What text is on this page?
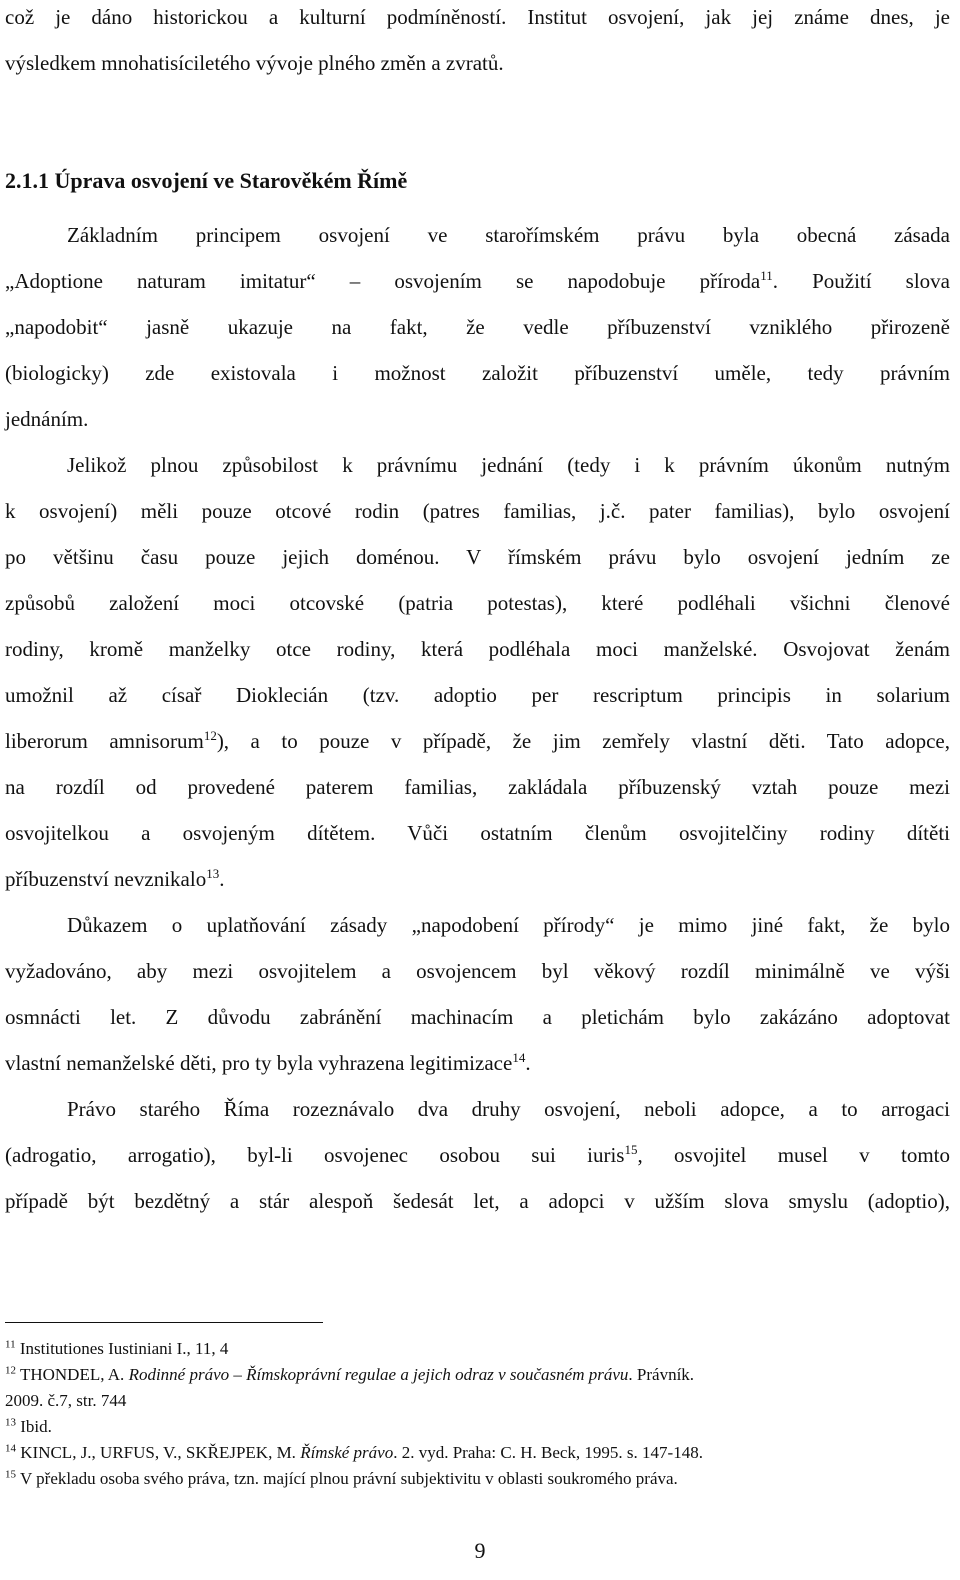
což je dáno historickou a kulturní podmíněností. Institut osvojení, jak jej známe dnes, je
výsledkem mnohatisíciletého vývoje plného změn a zvratů.
2.1.1 Úprava osvojení ve Starověkém Římě
Základním principem osvojení ve starořímském právu byla obecná zásada
„Adoptione naturam imitatur“ – osvojením se napodobuje příroda$^{11}$. Použití slova
„napodobit“ jasně ukazuje na fakt, že vedle příbuzenství vzniklého přirozeně
(biologicky) zde existovala i možnost založit příbuzenství uměle, tedy právním
jednáním.
Jelikož plnou způsobilost k právnímu jednání (tedy i k právním úkonům nutným
k osvojení) měli pouze otcové rodin (patres familias, j.č. pater familias), bylo osvojení
po většinu času pouze jejich doménou. V římském právu bylo osvojení jedním ze
způsobů založení moci otcovské (patria potestas), které podléhali všichni členové
rodiny, kromě manželky otce rodiny, která podléhala moci manželské. Osvojovat ženám
umožnil až císař Dioklecián (tzv. adoptio per rescriptum principis in solarium
liberorum amnisorum$^{12}$), a to pouze v případě, že jim zemřely vlastní děti. Tato adopce,
na rozdíl od provedené paterem familias, zakládala příbuzenský vztah pouze mezi
osvojitelkou a osvojeným dítětem. Vůči ostatním členům osvojitelčiny rodiny dítěti
příbuzenství nevznikalo$^{13}$.
Důkazem o uplatňování zásady „napodobení přírody“ je mimo jiné fakt, že bylo
vyžadováno, aby mezi osvojitelem a osvojencem byl věkový rozdíl minimálně ve výši
osmnácti let. Z důvodu zabránění machinacím a pletichám bylo zakázáno adoptovat
vlastní nemanželské děti, pro ty byla vyhrazena legitimizace$^{14}$.
Právo starého Říma rozeznávalo dva druhy osvojení, neboli adopce, a to arrogaci
(adrogatio, arrogatio), byl-li osvojenec osobou sui iuris$^{15}$, osvojitel musel v tomto
případě být bezdětný a stár alespoň šedesát let, a adopci v užším slova smyslu (adoptio),
$^{11}$ Institutiones Iustiniani I., 11, 4
$^{12}$ THONDEL, A. Rodinné právo – Římskoprávní regulae a jejich odraz v současném právu. Právník.
2009. č.7, str. 744
$^{13}$ Ibid.
$^{14}$ KINCL, J., URFUS, V., SKŘEJPEK, M. Římské právo. 2. vyd. Praha: C. H. Beck, 1995. s. 147-148.
$^{15}$ V překladu osoba svého práva, tzn. mající plnou právní subjektivitu v oblasti soukromého práva.
9
